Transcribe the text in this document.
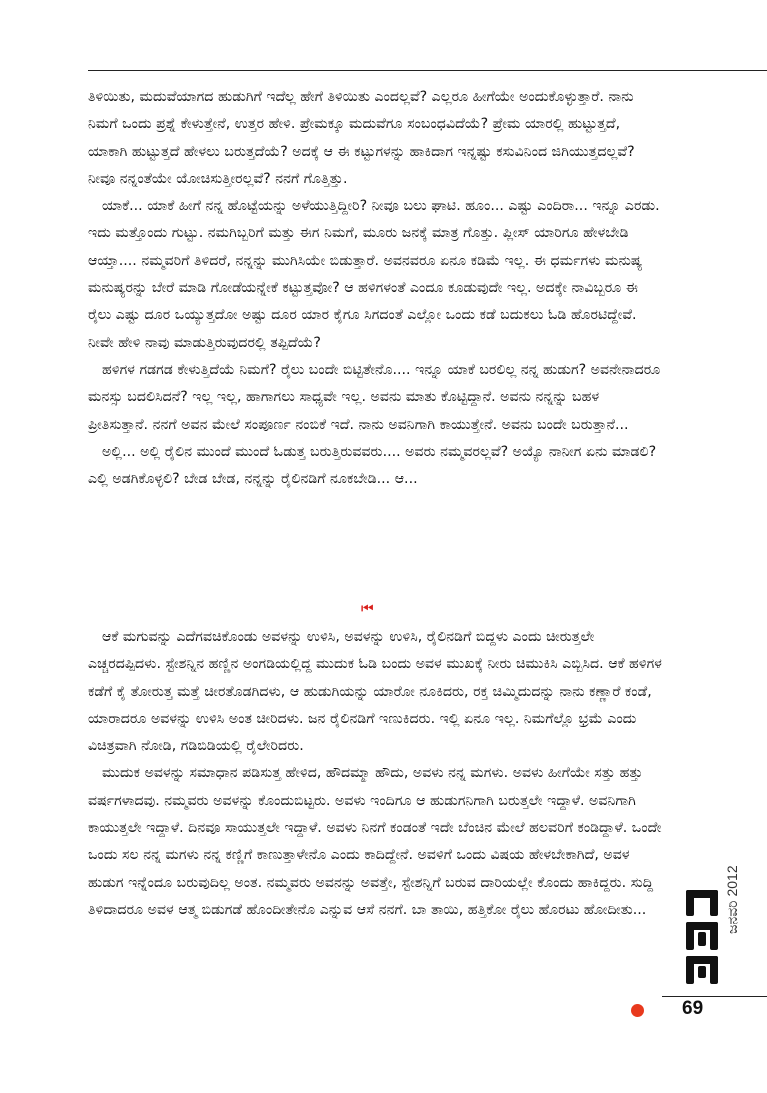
ತಿಳಿಯಿತು, ಮದುವೆಯಾಗದ ಹುಡುಗಿಗೆ ಇದೆಲ್ಲ ಹೇಗೆ ತಿಳಿಯಿತು ಎಂದಲ್ಲವೆ? ಎಲ್ಲರೂ ಹೀಗೆಯೇ ಅಂದುಕೊಳ್ಳುತ್ತಾರೆ. ನಾನು ನಿಮಗೆ ಒಂದು ಪ್ರಶ್ನೆ ಕೇಳುತ್ತೇನೆ, ಉತ್ತರ ಹೇಳಿ. ಪ್ರೇಮಕ್ಕೂ ಮದುವೆಗೂ ಸಂಬಂಧವಿದೆಯೆ? ಪ್ರೇಮ ಯಾರಲ್ಲಿ ಹುಟ್ಟುತ್ತದೆ, ಯಾಕಾಗಿ ಹುಟ್ಟುತ್ತದೆ ಹೇಳಲು ಬರುತ್ತದೆಯೆ? ಅದಕ್ಕೆ ಆ ಈ ಕಟ್ಟುಗಳನ್ನು ಹಾಕಿದಾಗ ಇನ್ನಷ್ಟು ಕಸುವಿನಿಂದ ಜಿಗಿಯುತ್ತದಲ್ಲವೆ? ನೀವೂ ನನ್ನಂತೆಯೇ ಯೋಚಿಸುತ್ತೀರಲ್ಲವೆ? ನನಗೆ ಗೊತ್ತಿತ್ತು.

ಯಾಕೆ... ಯಾಕೆ ಹೀಗೆ ನನ್ನ ಹೊಟ್ಟೆಯನ್ನು ಅಳೆಯುತ್ತಿದ್ದೀರಿ? ನೀವೂ ಬಲು ಘಾಟಿ. ಹೂಂ... ಎಷ್ಟು ಎಂದಿರಾ... ಇನ್ನೂ ಎರಡು. ಇದು ಮತ್ತೊಂದು ಗುಟ್ಟು. ನಮಗಿಬ್ಬರಿಗೆ ಮತ್ತು ಈಗ ನಿಮಗೆ, ಮೂರು ಜನಕ್ಕೆ ಮಾತ್ರ ಗೊತ್ತು. ಪ್ಲೀಸ್ ಯಾರಿಗೂ ಹೇಳಬೇಡಿ ಆಯ್ತಾ.... ನಮ್ಮವರಿಗೆ ತಿಳಿದರೆ, ನನ್ನನ್ನು ಮುಗಿಸಿಯೇ ಬಿಡುತ್ತಾರೆ. ಅವನವರೂ ಏನೂ ಕಡಿಮೆ ಇಲ್ಲ. ಈ ಧರ್ಮಗಳು ಮನುಷ್ಯ ಮನುಷ್ಯರನ್ನು ಬೇರೆ ಮಾಡಿ ಗೋಡೆಯನ್ನೇಕೆ ಕಟ್ಟುತ್ತವೋ? ಆ ಹಳಿಗಳಂತೆ ಎಂದೂ ಕೂಡುವುದೇ ಇಲ್ಲ. ಅದಕ್ಕೇ ನಾವಿಬ್ಬರೂ ಈ ರೈಲು ಎಷ್ಟು ದೂರ ಒಯ್ಯುತ್ತದೋ ಅಷ್ಟು ದೂರ ಯಾರ ಕೈಗೂ ಸಿಗದಂತೆ ಎಲ್ಲೋ ಒಂದು ಕಡೆ ಬದುಕಲು ಓಡಿ ಹೊರಟಿದ್ದೇವೆ. ನೀವೇ ಹೇಳಿ ನಾವು ಮಾಡುತ್ತಿರುವುದರಲ್ಲಿ ತಪ್ಪಿದೆಯೆ?

ಹಳಿಗಳ ಗಡಗಡ ಕೇಳುತ್ತಿದೆಯೆ ನಿಮಗೆ? ರೈಲು ಬಂದೇ ಬಿಟ್ಟಿತೇನೊ.... ಇನ್ನೂ ಯಾಕೆ ಬರಲಿಲ್ಲ ನನ್ನ ಹುಡುಗ? ಅವನೇನಾದರೂ ಮನಸ್ಸು ಬದಲಿಸಿದನೆ? ಇಲ್ಲ ಇಲ್ಲ, ಹಾಗಾಗಲು ಸಾಧ್ಯವೇ ಇಲ್ಲ. ಅವನು ಮಾತು ಕೊಟ್ಟಿದ್ದಾನೆ. ಅವನು ನನ್ನನ್ನು ಬಹಳ ಪ್ರೀತಿಸುತ್ತಾನೆ. ನನಗೆ ಅವನ ಮೇಲೆ ಸಂಪೂರ್ಣ ನಂಬಿಕೆ ಇದೆ. ನಾನು ಅವನಿಗಾಗಿ ಕಾಯುತ್ತೇನೆ. ಅವನು ಬಂದೇ ಬರುತ್ತಾನೆ...

ಅಲ್ಲಿ... ಅಲ್ಲಿ ರೈಲಿನ ಮುಂದೆ ಮುಂದೆ ಓಡುತ್ತ ಬರುತ್ತಿರುವವರು.... ಅವರು ನಮ್ಮವರಲ್ಲವೆ? ಅಯ್ಯೊ ನಾನೀಗ ಏನು ಮಾಡಲಿ? ಎಲ್ಲಿ ಅಡಗಿಕೊಳ್ಳಲಿ? ಬೇಡ ಬೇಡ, ನನ್ನನ್ನು ರೈಲಿನಡಿಗೆ ನೂಕಬೇಡಿ... ಆ...

⏮

ಆಕೆ ಮಗುವನ್ನು ಎದೆಗವಚಿಕೊಂಡು ಅವಳನ್ನು ಉಳಿಸಿ, ಅವಳನ್ನು ಉಳಿಸಿ, ರೈಲಿನಡಿಗೆ ಬಿದ್ದಳು ಎಂದು ಚೀರುತ್ತಲೇ ಎಚ್ಚರದಪ್ಪಿದಳು. ಸ್ಟೇಶನ್ನಿನ ಹಣ್ಣಿನ ಅಂಗಡಿಯಲ್ಲಿದ್ದ ಮುದುಕ ಓಡಿ ಬಂದು ಅವಳ ಮುಖಕ್ಕೆ ನೀರು ಚಿಮುಕಿಸಿ ಎಬ್ಬಿಸಿದ. ಆಕೆ ಹಳಿಗಳ ಕಡೆಗೆ ಕೈ ತೋರುತ್ತ ಮತ್ತೆ ಚೀರತೊಡಗಿದಳು, ಆ ಹುಡುಗಿಯನ್ನು ಯಾರೋ ನೂಕಿದರು, ರಕ್ತ ಚಿಮ್ಮಿದುದನ್ನು ನಾನು ಕಣ್ಣಾರೆ ಕಂಡೆ, ಯಾರಾದರೂ ಅವಳನ್ನು ಉಳಿಸಿ ಅಂತ ಚೀರಿದಳು. ಜನ ರೈಲಿನಡಿಗೆ ಇಣುಕಿದರು. ಇಲ್ಲಿ ಏನೂ ಇಲ್ಲ. ನಿಮಗೆಲ್ಲೊ ಭ್ರಮೆ ಎಂದು ವಿಚಿತ್ರವಾಗಿ ನೋಡಿ, ಗಡಿಬಿಡಿಯಲ್ಲಿ ರೈಲೇರಿದರು.

ಮುದುಕ ಅವಳನ್ನು ಸಮಾಧಾನ ಪಡಿಸುತ್ತ ಹೇಳಿದ, ಹೌದಮ್ಮಾ ಹೌದು, ಅವಳು ನನ್ನ ಮಗಳು. ಅವಳು ಹೀಗೆಯೇ ಸತ್ತು ಹತ್ತು ವರ್ಷಗಳಾದವು. ನಮ್ಮವರು ಅವಳನ್ನು ಕೊಂದುಬಿಟ್ಟರು. ಅವಳು ಇಂದಿಗೂ ಆ ಹುಡುಗನಿಗಾಗಿ ಬರುತ್ತಲೇ ಇದ್ದಾಳೆ. ಅವನಿಗಾಗಿ ಕಾಯುತ್ತಲೇ ಇದ್ದಾಳೆ. ದಿನವೂ ಸಾಯುತ್ತಲೇ ಇದ್ದಾಳೆ. ಅವಳು ನಿನಗೆ ಕಂಡಂತೆ ಇದೇ ಬೆಂಚಿನ ಮೇಲೆ ಹಲವರಿಗೆ ಕಂಡಿದ್ದಾಳೆ. ಒಂದೇ ಒಂದು ಸಲ ನನ್ನ ಮಗಳು ನನ್ನ ಕಣ್ಣಿಗೆ ಕಾಣುತ್ತಾಳೇನೊ ಎಂದು ಕಾದಿದ್ದೇನೆ. ಅವಳಿಗೆ ಒಂದು ವಿಷಯ ಹೇಳಬೇಕಾಗಿದೆ, ಅವಳ ಹುಡುಗ ಇನ್ನೆಂದೂ ಬರುವುದಿಲ್ಲ ಅಂತ. ನಮ್ಮವರು ಅವನನ್ನು ಅವತ್ತೇ, ಸ್ಟೇಶನ್ನಿಗೆ ಬರುವ ದಾರಿಯಲ್ಲೇ ಕೊಂದು ಹಾಕಿದ್ದರು. ಸುದ್ದಿ ತಿಳಿದಾದರೂ ಅವಳ ಆತ್ಮ ಬಿಡುಗಡೆ ಹೊಂದೀತೇನೊ ಎನ್ನುವ ಆಸೆ ನನಗೆ. ಬಾ ತಾಯಿ, ಹತ್ತಿಕೋ ರೈಲು ಹೊರಟು ಹೋದೀತು...	ಜನವರಿ 2012
69
